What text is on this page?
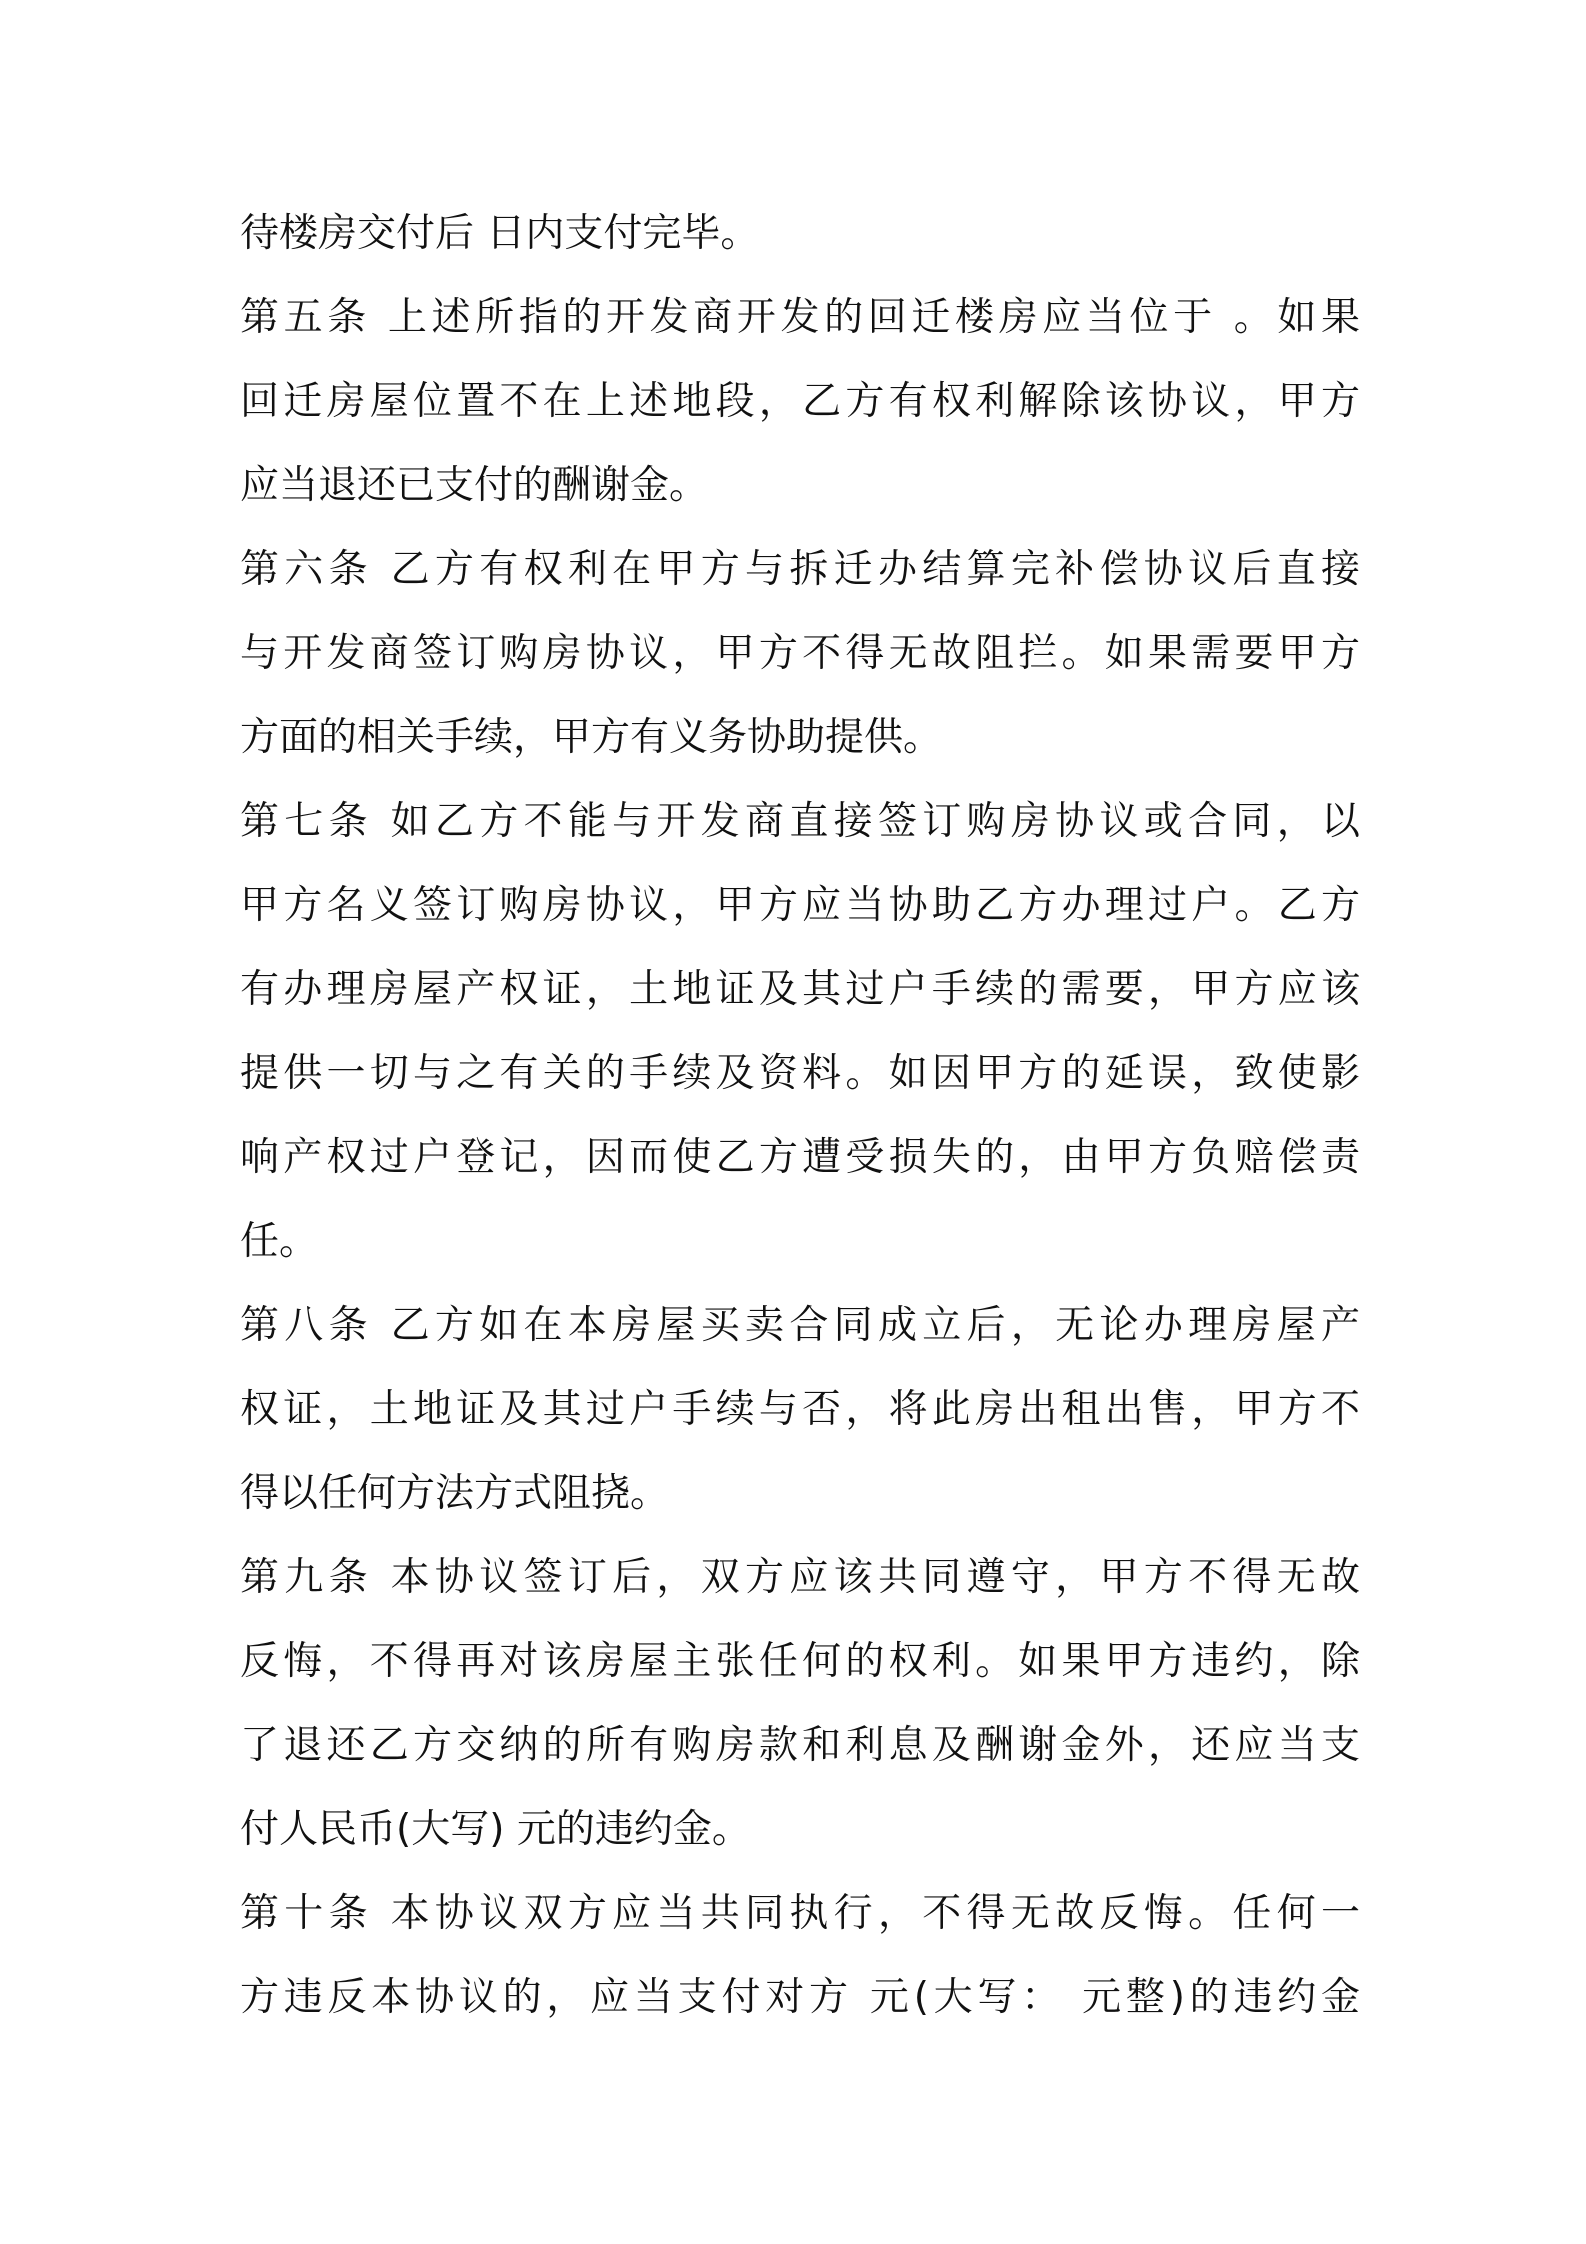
待楼房交付后 日内支付完毕。
第五条 上述所指的开发商开发的回迁楼房应当位于 。如果
回迁房屋位置不在上述地段，乙方有权利解除该协议，甲方
应当退还已支付的酬谢金。
第六条 乙方有权利在甲方与拆迁办结算完补偿协议后直接
与开发商签订购房协议，甲方不得无故阻拦。如果需要甲方
方面的相关手续，甲方有义务协助提供。
第七条 如乙方不能与开发商直接签订购房协议或合同，以
甲方名义签订购房协议，甲方应当协助乙方办理过户。乙方
有办理房屋产权证，土地证及其过户手续的需要，甲方应该
提供一切与之有关的手续及资料。如因甲方的延误，致使影
响产权过户登记，因而使乙方遭受损失的，由甲方负赔偿责
任。
第八条 乙方如在本房屋买卖合同成立后，无论办理房屋产
权证，土地证及其过户手续与否，将此房出租出售，甲方不
得以任何方法方式阻挠。
第九条 本协议签订后，双方应该共同遵守，甲方不得无故
反悔，不得再对该房屋主张任何的权利。如果甲方违约，除
了退还乙方交纳的所有购房款和利息及酬谢金外，还应当支
付人民币(大写) 元的违约金。
第十条 本协议双方应当共同执行，不得无故反悔。任何一
方违反本协议的，应当支付对方 元(大写： 元整)的违约金
